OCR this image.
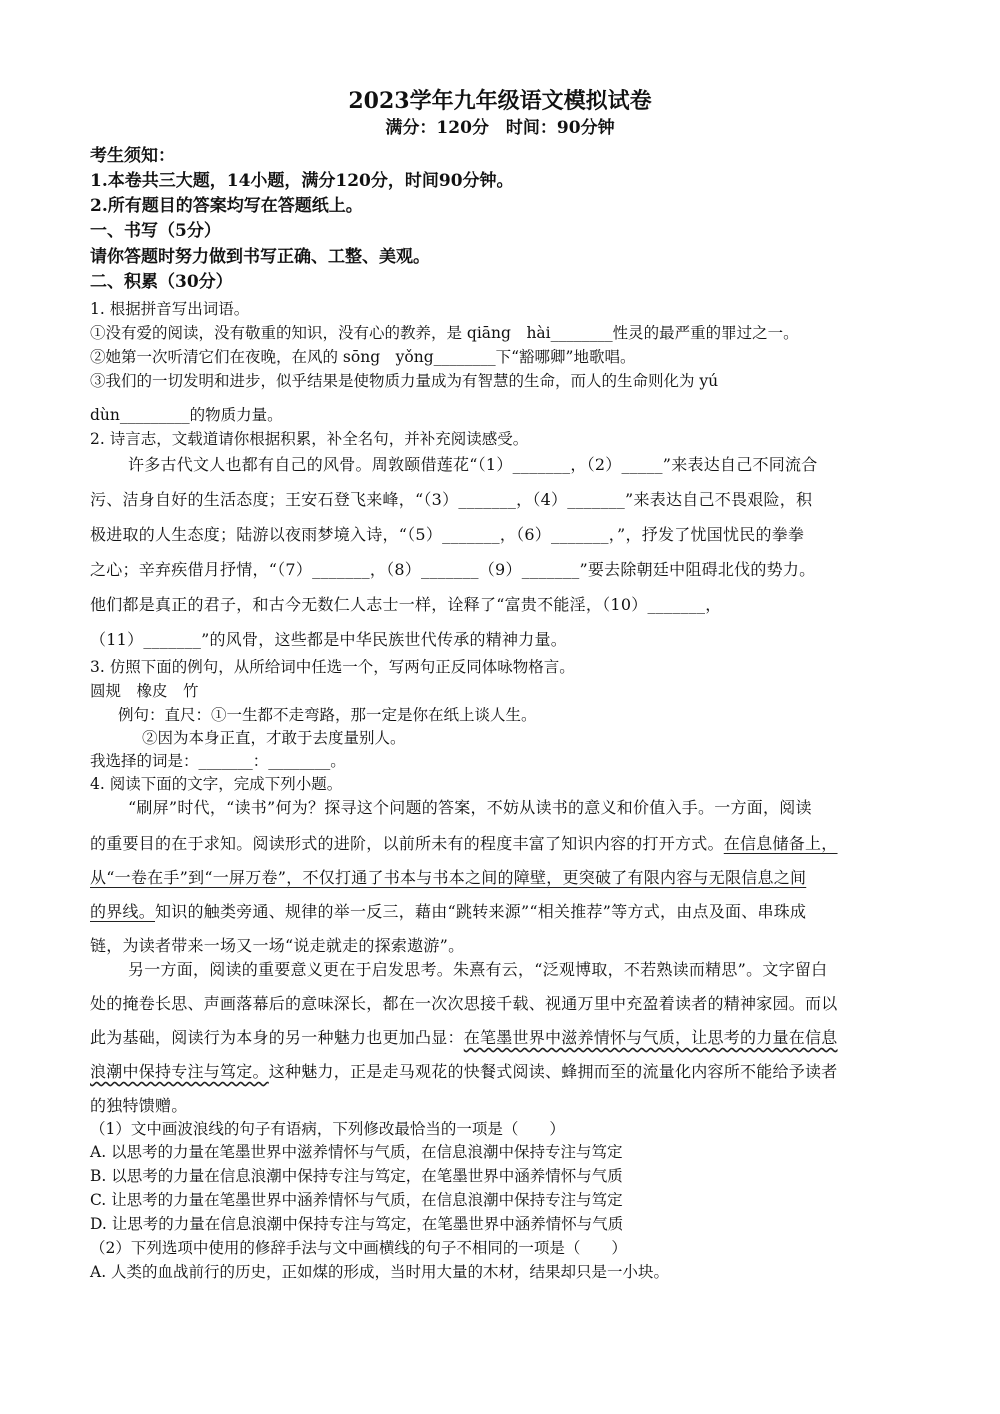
2023学年九年级语文模拟试卷
满分：120分　时间：90分钟
考生须知：
1.本卷共三大题，14小题，满分120分，时间90分钟。
2.所有题目的答案均写在答题纸上。
一、书写（5分）
请你答题时努力做到书写正确、工整、美观。
二、积累（30分）
1. 根据拼音写出词语。
①没有爱的阅读，没有敬重的知识，没有心的教养，是 qiāng　hài________性灵的最严重的罪过之一。
②她第一次听清它们在夜晚，在风的 sōng　yǒng________下“豁哪卿”地歌唱。
③我们的一切发明和进步，似乎结果是使物质力量成为有智慧的生命，而人的生命则化为 yú
dùn_________的物质力量。
2. 诗言志，文载道请你根据积累，补全名句，并补充阅读感受。
许多古代文人也都有自己的风骨。周敦颐借莲花“（1）_______，（2）_____”来表达自己不同流合
污、洁身自好的生活态度；王安石登飞来峰，“（3）_______，（4）_______”来表达自己不畏艰险，积
极进取的人生态度；陆游以夜雨梦境入诗，“（5）_______，（6）_______，”，抒发了忧国忧民的拳拳
之心；辛弃疾借月抒情，“（7）_______，（8）_______（9）_______”要去除朝廷中阻碍北伐的势力。
他们都是真正的君子，和古今无数仁人志士一样，诠释了“富贵不能淫，（10）_______，
（11）_______”的风骨，这些都是中华民族世代传承的精神力量。
3. 仿照下面的例句，从所给词中任选一个，写两句正反同体咏物格言。
圆规　橡皮　竹
例句：直尺：①一生都不走弯路，那一定是你在纸上谈人生。
②因为本身正直，才敢于去度量别人。
我选择的词是：_______：________。
4. 阅读下面的文字，完成下列小题。
“刷屏”时代，“读书”何为？探寻这个问题的答案，不妨从读书的意义和价值入手。一方面，阅读
的重要目的在于求知。阅读形式的进阶，以前所未有的程度丰富了知识内容的打开方式。在信息储备上，
从“一卷在手”到“一屏万卷”，不仅打通了书本与书本之间的障壁，更突破了有限内容与无限信息之间
的界线。知识的触类旁通、规律的举一反三，藉由“跳转来源”“相关推荐”等方式，由点及面、串珠成
链，为读者带来一场又一场“说走就走的探索遨游”。
另一方面，阅读的重要意义更在于启发思考。朱熹有云，“泛观博取，不若熟读而精思”。文字留白
处的掩卷长思、声画落幕后的意味深长，都在一次次思接千载、视通万里中充盈着读者的精神家园。而以
此为基础，阅读行为本身的另一种魅力也更加凸显：在笔墨世界中滋养情怀与气质，让思考的力量在信息
浪潮中保持专注与笃定。这种魅力，正是走马观花的快餐式阅读、蜂拥而至的流量化内容所不能给予读者
的独特馈赠。
（1）文中画波浪线的句子有语病，下列修改最恰当的一项是（　　）
A. 以思考的力量在笔墨世界中滋养情怀与气质，在信息浪潮中保持专注与笃定
B. 以思考的力量在信息浪潮中保持专注与笃定，在笔墨世界中涵养情怀与气质
C. 让思考的力量在笔墨世界中涵养情怀与气质，在信息浪潮中保持专注与笃定
D. 让思考的力量在信息浪潮中保持专注与笃定，在笔墨世界中涵养情怀与气质
（2）下列选项中使用的修辞手法与文中画横线的句子不相同的一项是（　　）
A. 人类的血战前行的历史，正如煤的形成，当时用大量的木材，结果却只是一小块。
